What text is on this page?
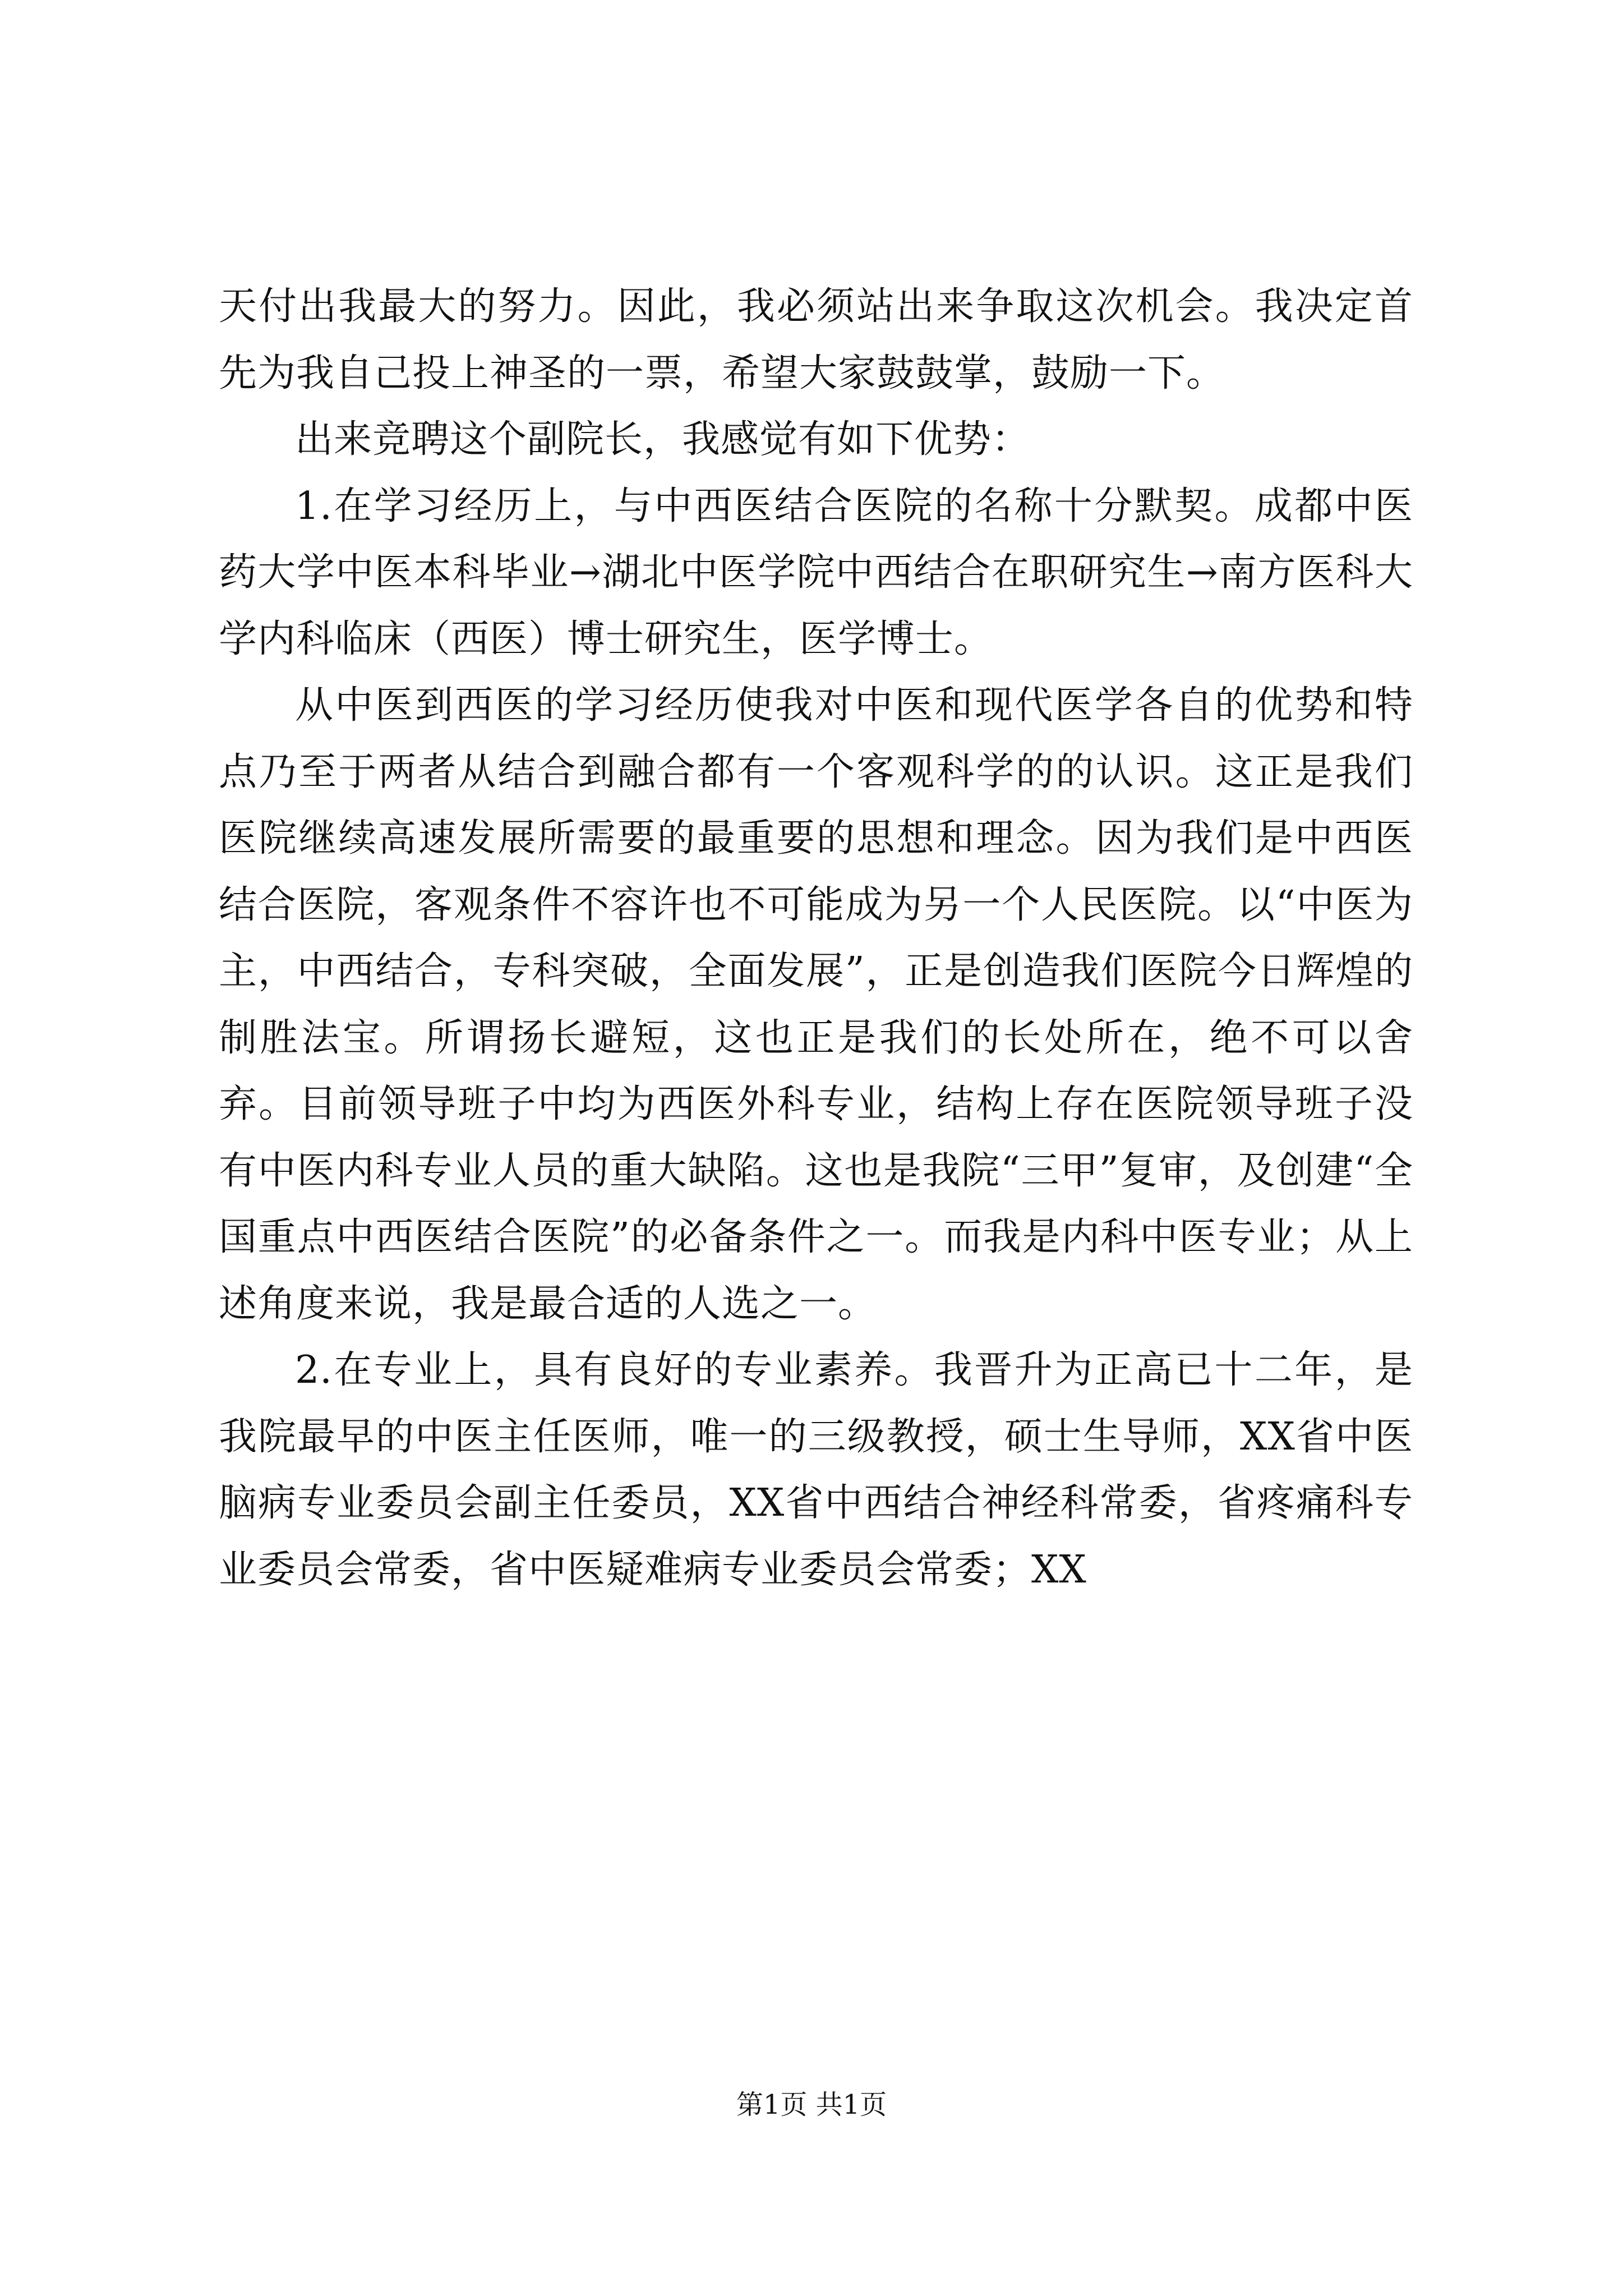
天付出我最大的努力。因此，我必须站出来争取这次机会。我决定首先为我自己投上神圣的一票，希望大家鼓鼓掌，鼓励一下。

出来竞聘这个副院长，我感觉有如下优势：

1.在学习经历上，与中西医结合医院的名称十分默契。成都中医药大学中医本科毕业→湖北中医学院中西结合在职研究生→南方医科大学内科临床（西医）博士研究生，医学博士。

从中医到西医的学习经历使我对中医和现代医学各自的优势和特点乃至于两者从结合到融合都有一个客观科学的的认识。这正是我们医院继续高速发展所需要的最重要的思想和理念。因为我们是中西医结合医院，客观条件不容许也不可能成为另一个人民医院。以“中医为主，中西结合，专科突破，全面发展”，正是创造我们医院今日辉煌的制胜法宝。所谓扬长避短，这也正是我们的长处所在，绝不可以舍弃。目前领导班子中均为西医外科专业，结构上存在医院领导班子没有中医内科专业人员的重大缺陷。这也是我院“三甲”复审，及创建“全国重点中西医结合医院”的必备条件之一。而我是内科中医专业；从上述角度来说，我是最合适的人选之一。

2.在专业上，具有良好的专业素养。我晋升为正高已十二年，是我院最早的中医主任医师，唯一的三级教授，硕士生导师，XX省中医脑病专业委员会副主任委员，XX省中西结合神经科常委，省疼痛科专业委员会常委，省中医疑难病专业委员会常委；XX

第1页 共1页
